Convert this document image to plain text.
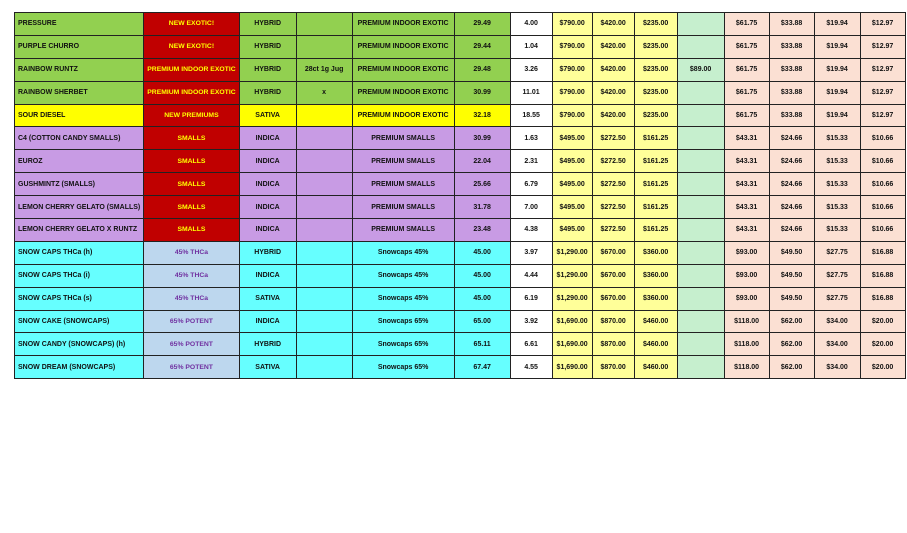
PRESSURE	NEW EXOTIC!	HYBRID		PREMIUM INDOOR EXOTIC	29.49	4.00	$790.00	$420.00	$235.00		$61.75	$33.88	$19.94	$12.97
PURPLE CHURRO	NEW EXOTIC!	HYBRID		PREMIUM INDOOR EXOTIC	29.44	1.04	$790.00	$420.00	$235.00		$61.75	$33.88	$19.94	$12.97
RAINBOW RUNTZ	PREMIUM INDOOR EXOTIC	HYBRID	28ct 1g Jug	PREMIUM INDOOR EXOTIC	29.48	3.26	$790.00	$420.00	$235.00	$89.00	$61.75	$33.88	$19.94	$12.97
RAINBOW SHERBET	PREMIUM INDOOR EXOTIC	HYBRID	x	PREMIUM INDOOR EXOTIC	30.99	11.01	$790.00	$420.00	$235.00		$61.75	$33.88	$19.94	$12.97
SOUR DIESEL	NEW PREMIUMS	SATIVA		PREMIUM INDOOR EXOTIC	32.18	18.55	$790.00	$420.00	$235.00		$61.75	$33.88	$19.94	$12.97
C4 (COTTON CANDY SMALLS)	SMALLS	INDICA		PREMIUM SMALLS	30.99	1.63	$495.00	$272.50	$161.25		$43.31	$24.66	$15.33	$10.66
EUROZ	SMALLS	INDICA		PREMIUM SMALLS	22.04	2.31	$495.00	$272.50	$161.25		$43.31	$24.66	$15.33	$10.66
GUSHMINTZ (SMALLS)	SMALLS	INDICA		PREMIUM SMALLS	25.66	6.79	$495.00	$272.50	$161.25		$43.31	$24.66	$15.33	$10.66
LEMON CHERRY GELATO (SMALLS)	SMALLS	INDICA		PREMIUM SMALLS	31.78	7.00	$495.00	$272.50	$161.25		$43.31	$24.66	$15.33	$10.66
LEMON CHERRY GELATO X RUNTZ	SMALLS	INDICA		PREMIUM SMALLS	23.48	4.38	$495.00	$272.50	$161.25		$43.31	$24.66	$15.33	$10.66
SNOW CAPS THCa (h)	45% THCa	HYBRID		Snowcaps 45%	45.00	3.97	$1,290.00	$670.00	$360.00		$93.00	$49.50	$27.75	$16.88
SNOW CAPS THCa (i)	45% THCa	INDICA		Snowcaps 45%	45.00	4.44	$1,290.00	$670.00	$360.00		$93.00	$49.50	$27.75	$16.88
SNOW CAPS THCa (s)	45% THCa	SATIVA		Snowcaps 45%	45.00	6.19	$1,290.00	$670.00	$360.00		$93.00	$49.50	$27.75	$16.88
SNOW CAKE (SNOWCAPS)	65% POTENT	INDICA		Snowcaps 65%	65.00	3.92	$1,690.00	$870.00	$460.00		$118.00	$62.00	$34.00	$20.00
SNOW CANDY (SNOWCAPS) (h)	65% POTENT	HYBRID		Snowcaps 65%	65.11	6.61	$1,690.00	$870.00	$460.00		$118.00	$62.00	$34.00	$20.00
SNOW DREAM (SNOWCAPS)	65% POTENT	SATIVA		Snowcaps 65%	67.47	4.55	$1,690.00	$870.00	$460.00		$118.00	$62.00	$34.00	$20.00
